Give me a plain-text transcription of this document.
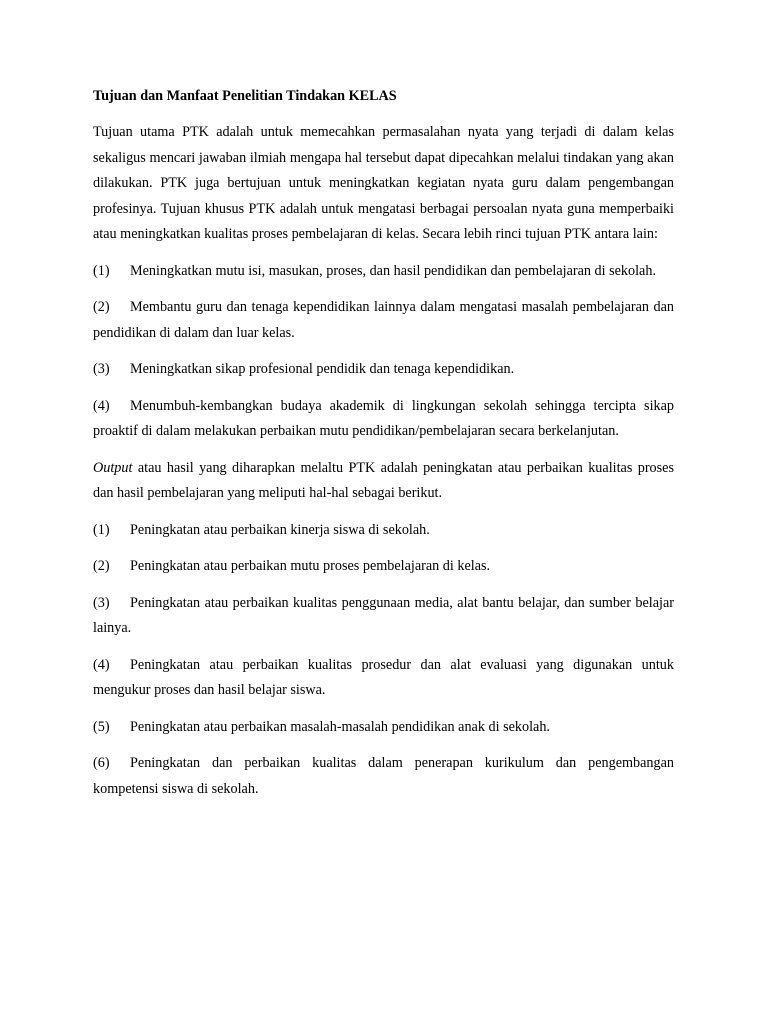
Tujuan dan Manfaat Penelitian Tindakan KELAS
Tujuan utama PTK adalah untuk memecahkan permasalahan nyata yang terjadi di dalam kelas sekaligus mencari jawaban ilmiah mengapa hal tersebut dapat dipecahkan melalui tindakan yang akan dilakukan. PTK juga bertujuan untuk meningkatkan kegiatan nyata guru dalam pengembangan profesinya. Tujuan khusus PTK adalah untuk mengatasi berbagai persoalan nyata guna memperbaiki atau meningkatkan kualitas proses pembelajaran di kelas. Secara lebih rinci tujuan PTK antara lain:
(1) Meningkatkan mutu isi, masukan, proses, dan hasil pendidikan dan pembelajaran di sekolah.
(2) Membantu guru dan tenaga kependidikan lainnya dalam mengatasi masalah pembelajaran dan pendidikan di dalam dan luar kelas.
(3) Meningkatkan sikap profesional pendidik dan tenaga kependidikan.
(4) Menumbuh-kembangkan budaya akademik di lingkungan sekolah sehingga tercipta sikap proaktif di dalam melakukan perbaikan mutu pendidikan/pembelajaran secara berkelanjutan.
Output atau hasil yang diharapkan melaltu PTK adalah peningkatan atau perbaikan kualitas proses dan hasil pembelajaran yang meliputi hal-hal sebagai berikut.
(1) Peningkatan atau perbaikan kinerja siswa di sekolah.
(2) Peningkatan atau perbaikan mutu proses pembelajaran di kelas.
(3) Peningkatan atau perbaikan kualitas penggunaan media, alat bantu belajar, dan sumber belajar lainya.
(4) Peningkatan atau perbaikan kualitas prosedur dan alat evaluasi yang digunakan untuk mengukur proses dan hasil belajar siswa.
(5) Peningkatan atau perbaikan masalah-masalah pendidikan anak di sekolah.
(6) Peningkatan dan perbaikan kualitas dalam penerapan kurikulum dan pengembangan kompetensi siswa di sekolah.
